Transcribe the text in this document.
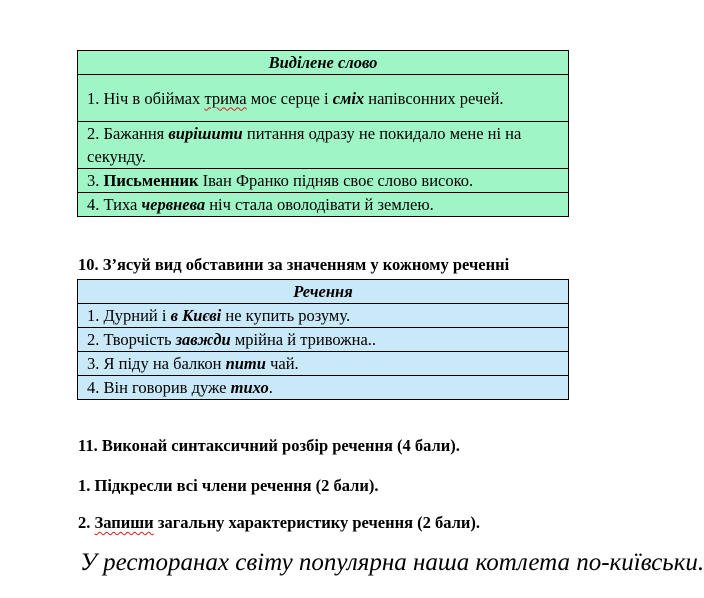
Виділене слово
1. Ніч в обіймах трима моє серце і сміх напівсонних речей.
2. Бажання вирішити питання одразу не покидало мене ні на секунду.
3. Письменник Іван Франко підняв своє слово високо.
4. Тиха червнева ніч стала оволодівати й землею.

10. З’ясуй вид обставини за значенням у кожному реченні

Речення
1. Дурний і в Києві не купить розуму.
2. Творчість завжди мрійна й тривожна..
3. Я піду на балкон пити чай.
4. Він говорив дуже тихо.

11. Виконай синтаксичний розбір речення (4 бали).

1. Підкресли всі члени речення (2 бали).

2. Запиши загальну характеристику речення (2 бали).

У ресторанах світу популярна наша котлета по-київськи.
